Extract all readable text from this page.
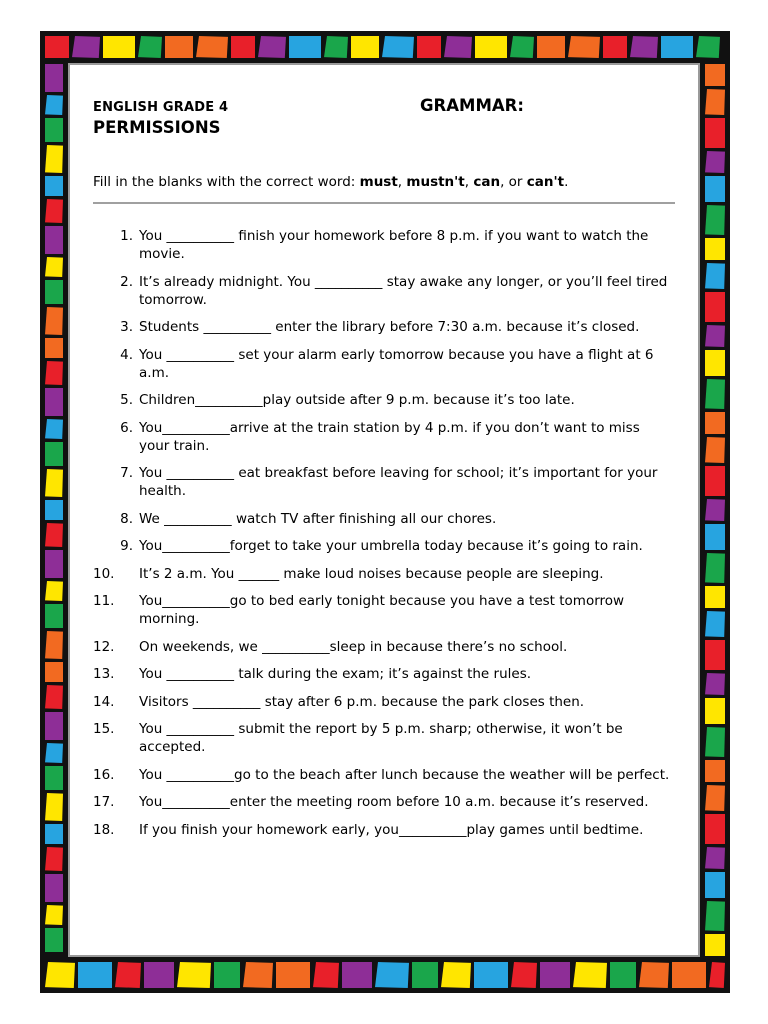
ENGLISH GRADE 4	GRAMMAR:
PERMISSIONS
Fill in the blanks with the correct word: must, mustn't, can, or can't.
1. You __________ finish your homework before 8 p.m. if you want to watch the movie.
2. It’s already midnight. You __________ stay awake any longer, or you’ll feel tired tomorrow.
3. Students __________ enter the library before 7:30 a.m. because it’s closed.
4. You __________ set your alarm early tomorrow because you have a flight at 6 a.m.
5. Children__________play outside after 9 p.m. because it’s too late.
6. You__________arrive at the train station by 4 p.m. if you don’t want to miss your train.
7. You __________ eat breakfast before leaving for school; it’s important for your health.
8. We __________ watch TV after finishing all our chores.
9. You__________forget to take your umbrella today because it’s going to rain.
10.	It’s 2 a.m. You ______ make loud noises because people are sleeping.
11.	You__________go to bed early tonight because you have a test tomorrow morning.
12.	On weekends, we __________sleep in because there’s no school.
13.	You __________ talk during the exam; it’s against the rules.
14.	Visitors __________ stay after 6 p.m. because the park closes then.
15.	You __________ submit the report by 5 p.m. sharp; otherwise, it won’t be accepted.
16.	You __________go to the beach after lunch because the weather will be perfect.
17.	You__________enter the meeting room before 10 a.m. because it’s reserved.
18.	If you finish your homework early, you__________play games until bedtime.
